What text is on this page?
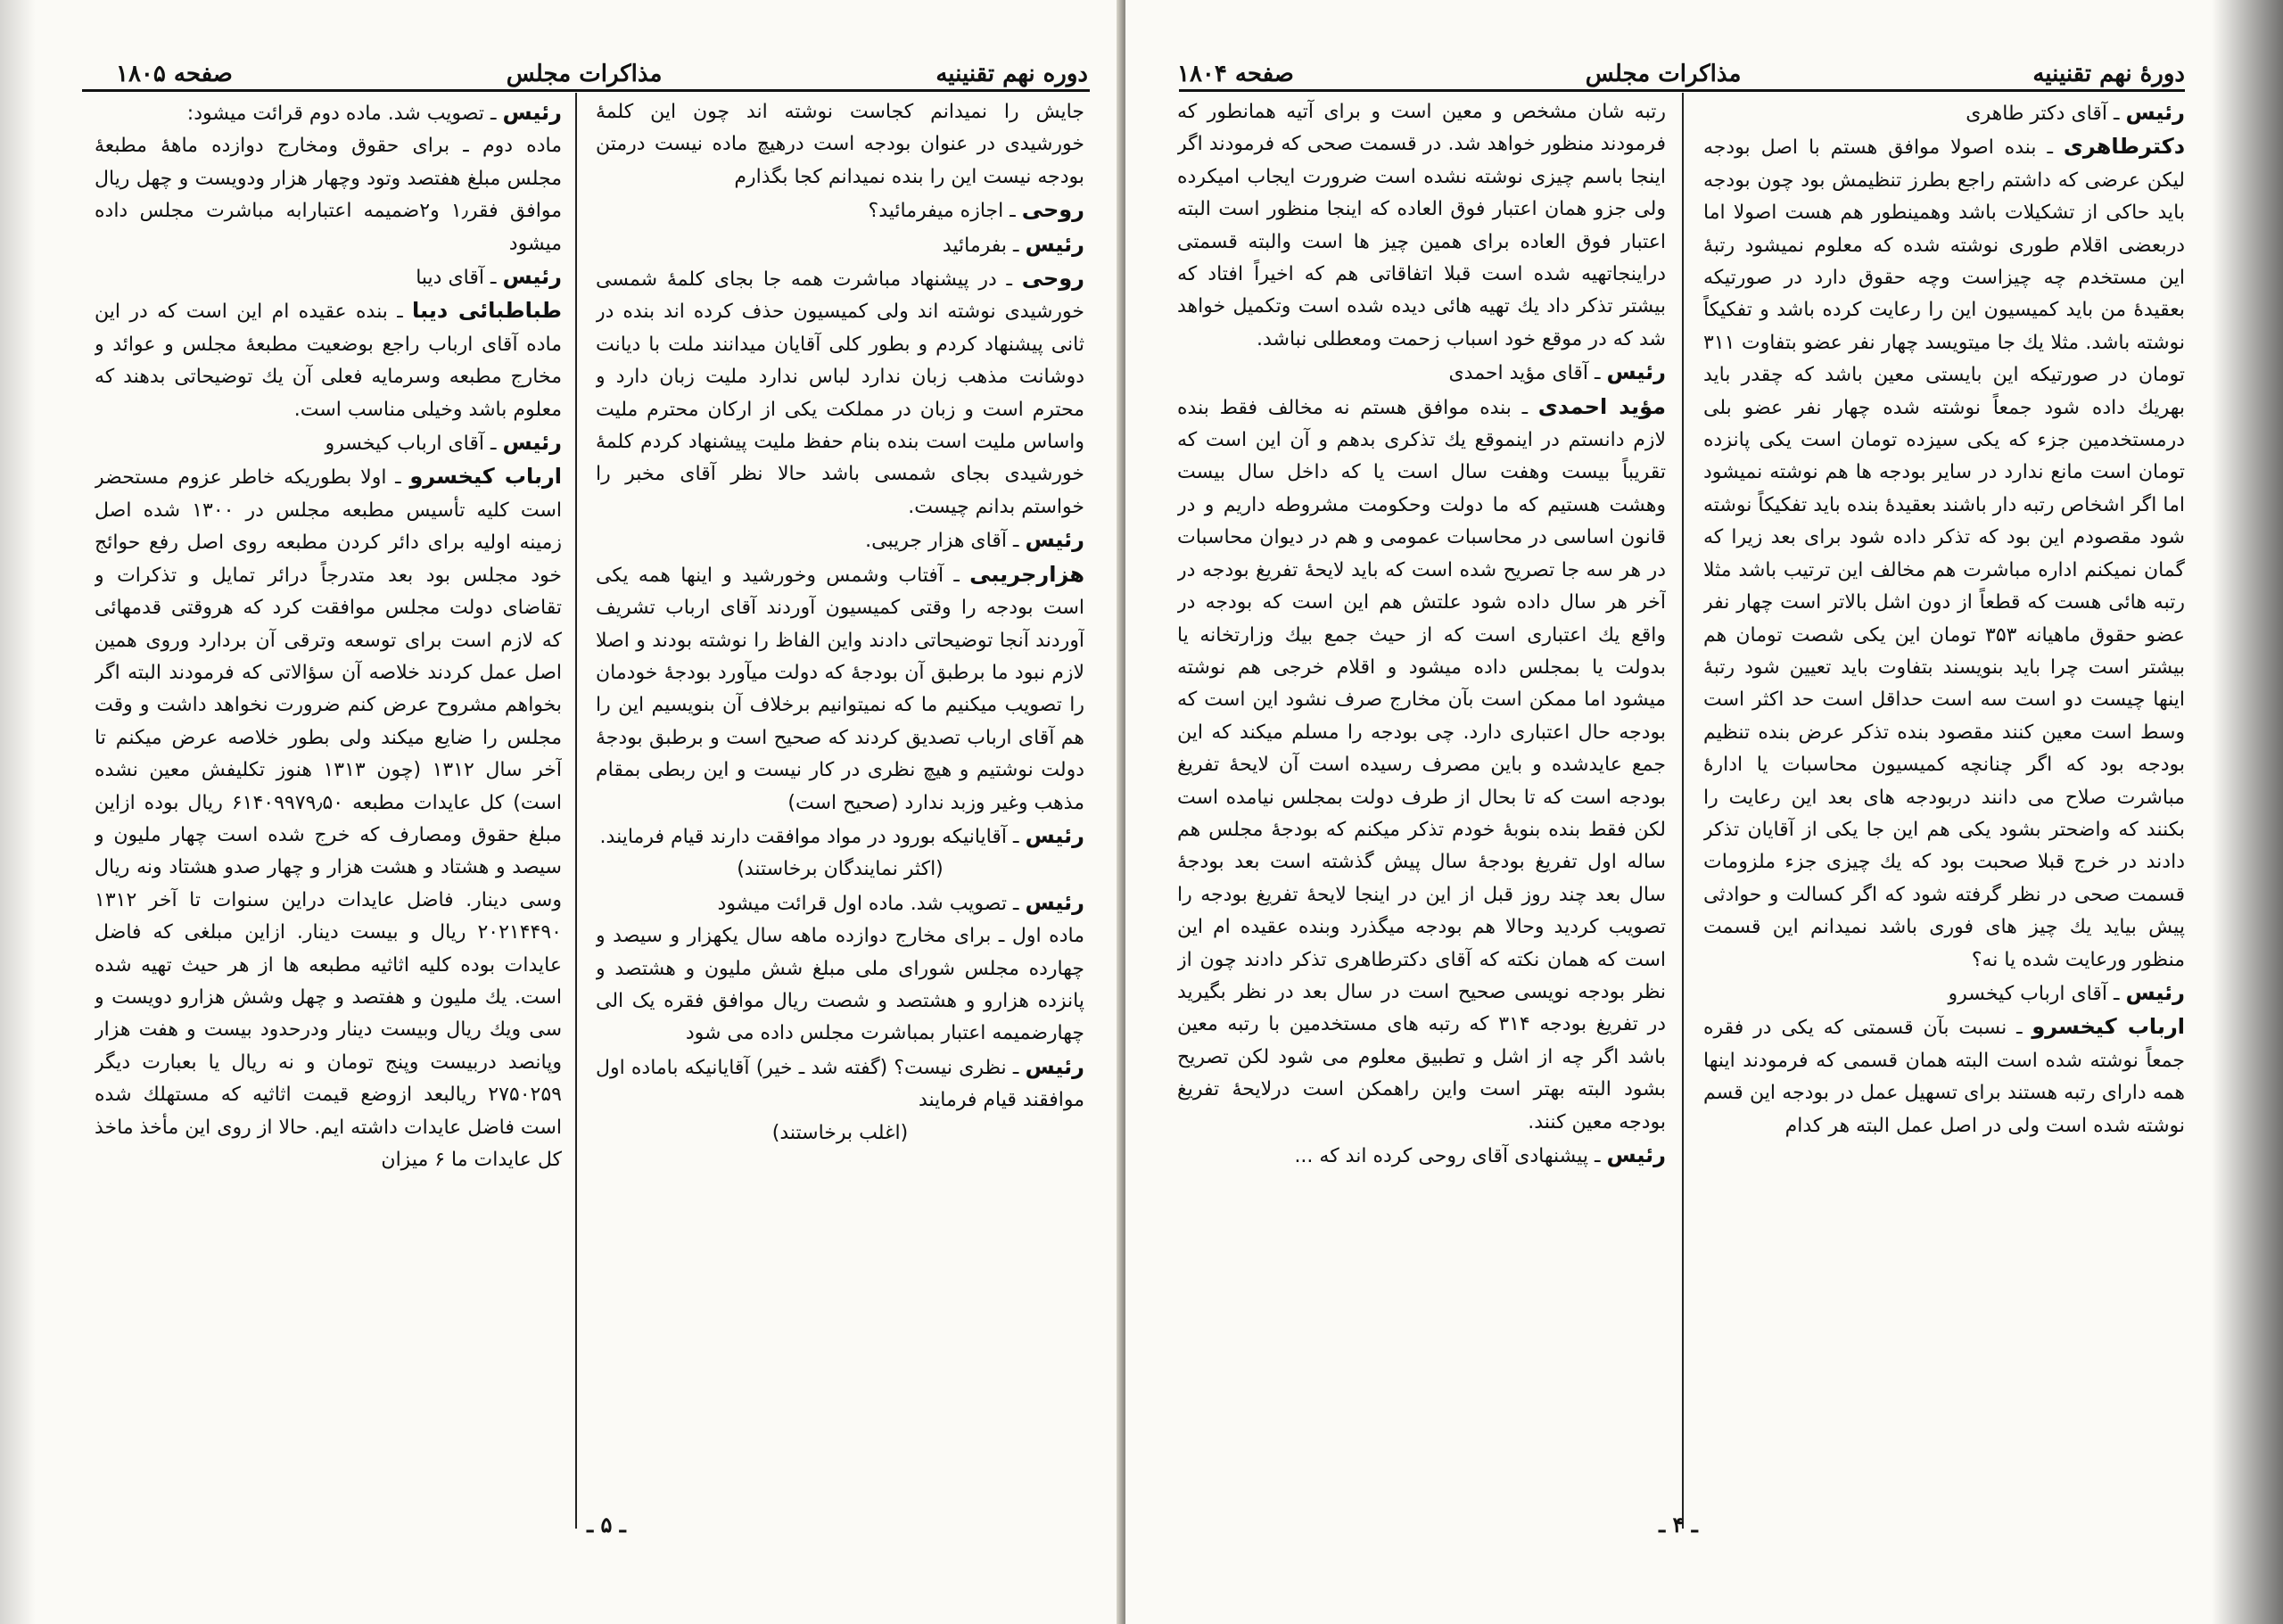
دوره نهم تقنینیه
مذاکرات مجلس
صفحه ۱۸۰۵

جایش را نمیدانم کجاست نوشته اند چون این کلمهٔ خورشیدی در عنوان بودجه است درهیچ ماده نیست درمتن بودجه نیست این را بنده نمیدانم کجا بگذارم

روحی ـ اجازه میفرمائید؟

رئیس ـ بفرمائید

روحی ـ در پیشنهاد مباشرت همه جا بجای کلمهٔ شمسی خورشیدی نوشته اند ولی کمیسیون حذف کرده اند بنده در ثانی پیشنهاد کردم و بطور کلی آقایان میدانند ملت با دیانت دوشانت مذهب زبان ندارد لباس ندارد ملیت زبان دارد و محترم است و زبان در مملکت یکی از ارکان محترم ملیت واساس ملیت است بنده بنام حفظ ملیت پیشنهاد کردم کلمهٔ خورشیدی بجای شمسی باشد حالا نظر آقای مخبر را خواستم بدانم چیست.

رئیس ـ آقای هزار جریبی.

هزارجریبی ـ آفتاب وشمس وخورشید و اینها همه یکی است بودجه را وقتی کمیسیون آوردند آقای ارباب تشریف آوردند آنجا توضیحاتی دادند واین الفاظ را نوشته بودند و اصلا لازم نبود ما برطبق آن بودجهٔ که دولت میآورد بودجهٔ خودمان را تصویب میکنیم ما که نمیتوانیم برخلاف آن بنویسیم این را هم آقای ارباب تصدیق کردند که صحیح است و برطبق بودجهٔ دولت نوشتیم و هیچ نظری در کار نیست و این ربطی بمقام مذهب وغیر وزبد ندارد (صحیح است)

رئیس ـ آقایانیکه بورود در مواد موافقت دارند قیام فرمایند.

(اکثر نمایندگان برخاستند)

رئیس ـ تصویب شد. ماده اول قرائت میشود

ماده اول ـ برای مخارج دوازده ماهه سال یکهزار و سیصد و چهارده مجلس شورای ملی مبلغ شش ملیون و هشتصد و پانزده هزارو و هشتصد و شصت ریال موافق فقره یک الی چهارضمیمه اعتبار بمباشرت مجلس داده می شود

رئیس ـ نظری نیست؟ (گفته شد ـ خیر) آقایانیکه باماده اول موافقند قیام فرمایند

(اغلب برخاستند)

رئیس ـ تصویب شد. ماده دوم قرائت میشود:

ماده دوم ـ برای حقوق ومخارج دوازده ماههٔ مطبعهٔ مجلس مبلغ هفتصد وتود وچهار هزار ودویست و چهل ریال موافق فقر۱٫ و۲ضمیمه اعتبارابه مباشرت مجلس داده میشود

رئیس ـ آقای دیبا

طباطبائی دیبا ـ بنده عقیده ام این است که در این ماده آقای ارباب راجع بوضعیت مطبعهٔ مجلس و عوائد و مخارج مطبعه وسرمایه فعلی آن یك توضیحاتی بدهند که معلوم باشد وخیلی مناسب است.

رئیس ـ آقای ارباب کیخسرو

ارباب کیخسرو ـ اولا بطوریکه خاطر عزوم مستحضر است کلیه تأسیس مطبعه مجلس در ۱۳۰۰ شده اصل زمینه اولیه برای دائر کردن مطبعه روی اصل رفع حوائج خود مجلس بود بعد متدرجاً درائر تمایل و تذکرات و تقاضای دولت مجلس موافقت کرد که هروقتی قدمهائی که لازم است برای توسعه وترقی آن بردارد وروی همین اصل عمل کردند خلاصه آن سؤالاتی که فرمودند البته اگر بخواهم مشروح عرض کنم ضرورت نخواهد داشت و وقت مجلس را ضایع میکند ولی بطور خلاصه عرض میکنم تا آخر سال ۱۳۱۲ (چون ۱۳۱۳ هنوز تکلیفش معین نشده است) کل عایدات مطبعه ۶۱۴۰۹۹۷۹٫۵۰ ریال بوده ازاین مبلغ حقوق ومصارف که خرج شده است چهار ملیون و سیصد و هشتاد و هشت هزار و چهار صدو هشتاد ونه ریال وسی دینار. فاضل عایدات دراین سنوات تا آخر ۱۳۱۲ ۲۰۲۱۴۴۹۰ ریال و بیست دینار. ازاین مبلغی که فاضل عایدات بوده کلیه اثاثیه مطبعه ها از هر حیث تهیه شده است. یك ملیون و هفتصد و چهل وشش هزارو دویست و سی ویك ریال وبیست دینار ودرحدود بیست و هفت هزار وپانصد دربیست وپنج تومان و نه ریال یا بعبارت دیگر ۲۷۵۰۲۵۹ ریالبعد ازوضع قیمت اثاثیه که مستهلك شده است فاضل عایدات داشته ایم. حالا از روی این مأخذ ماخذ کل عایدات ما ۶ میزان

ـ ۵ ـ
دورهٔ نهم تقنینیه
مذاکرات مجلس
صفحه ۱۸۰۴

رئیس ـ آقای دکتر طاهری

دکترطاهری ـ بنده اصولا موافق هستم با اصل بودجه لیکن عرضی که داشتم راجع بطرز تنظیمش بود چون بودجه باید حاکی از تشکیلات باشد وهمینطور هم هست اصولا اما دربعضی اقلام طوری نوشته شده که معلوم نمیشود رتبهٔ این مستخدم چه چیزاست وچه حقوق دارد در صورتیکه بعقیدهٔ من باید کمیسیون این را رعایت کرده باشد و تفکیکاً نوشته باشد. مثلا یك جا میتویسد چهار نفر عضو بتفاوت ۳۱۱ تومان در صورتیکه این بایستی معین باشد که چقدر باید بهریك داده شود جمعاً نوشته شده چهار نفر عضو بلی درمستخدمین جزء که یکی سیزده تومان است یکی پانزده تومان است مانع ندارد در سایر بودجه ها هم نوشته نمیشود اما اگر اشخاص رتبه دار باشند بعقیدهٔ بنده باید تفکیکاً نوشته شود مقصودم این بود که تذکر داده شود برای بعد زیرا که گمان نمیکنم اداره مباشرت هم مخالف این ترتیب باشد مثلا رتبه هائی هست که قطعاً از دون اشل بالاتر است چهار نفر عضو حقوق ماهیانه ۳۵۳ تومان این یکی شصت تومان هم بیشتر است چرا باید بنویسند بتفاوت باید تعیین شود رتبهٔ اینها چیست دو است سه است حداقل است حد اکثر است وسط است معین کنند مقصود بنده تذکر عرض بنده تنظیم بودجه بود که اگر چنانچه کمیسیون محاسبات یا ادارهٔ مباشرت صلاح می دانند دربودجه های بعد این رعایت را بکنند که واضحتر بشود یکی هم این جا یکی از آقایان تذکر دادند در خرج قبلا صحبت بود که یك چیزی جزء ملزومات قسمت صحی در نظر گرفته شود که اگر کسالت و حوادثی پیش بیاید یك چیز های فوری باشد نمیدانم این قسمت منظور ورعایت شده یا نه؟

رئیس ـ آقای ارباب کیخسرو

ارباب کیخسرو ـ نسبت بآن قسمتی که یکی در فقره جمعاً نوشته شده است البته همان قسمی که فرمودند اینها همه دارای رتبه هستند برای تسهیل عمل در بودجه این قسم نوشته شده است ولی در اصل عمل البته هر کدام

رتبه شان مشخص و معین است و برای آتیه همانطور که فرمودند منظور خواهد شد. در قسمت صحی که فرمودند اگر اینجا باسم چیزی نوشته نشده است ضرورت ایجاب امیکرده ولی جزو همان اعتبار فوق العاده که اینجا منظور است البته اعتبار فوق العاده برای همین چیز ها است والبته قسمتی دراینجاتهیه شده است قبلا اتفاقاتی هم که اخیراً افتاد که بیشتر تذکر داد یك تهیه هائی دیده شده است وتکمیل خواهد شد که در موقع خود اسباب زحمت ومعطلی نباشد.

رئیس ـ آقای مؤید احمدی

مؤید احمدی ـ بنده موافق هستم نه مخالف فقط بنده لازم دانستم در اینموقع یك تذکری بدهم و آن این است که تقریباً بیست وهفت سال است یا که داخل سال بیست وهشت هستیم که ما دولت وحکومت مشروطه داریم و در قانون اساسی در محاسبات عمومی و هم در دیوان محاسبات در هر سه جا تصریح شده است که باید لایحهٔ تفریغ بودجه در آخر هر سال داده شود علتش هم این است که بودجه در واقع یك اعتباری است که از حیث جمع بیك وزارتخانه یا بدولت یا بمجلس داده میشود و اقلام خرجی هم نوشته میشود اما ممکن است بآن مخارج صرف نشود این است که بودجه حال اعتباری دارد. چی بودجه را مسلم میکند که این جمع عایدشده و باین مصرف رسیده است آن لایحهٔ تفریغ بودجه است که تا بحال از طرف دولت بمجلس نیامده است لکن فقط بنده بنوبهٔ خودم تذکر میکنم که بودجهٔ مجلس هم ساله اول تفریغ بودجهٔ سال پیش گذشته است بعد بودجهٔ سال بعد چند روز قبل از این در اینجا لایحهٔ تفریغ بودجه را تصویب کردید وحالا هم بودجه میگذرد وبنده عقیده ام این است که همان نکته که آقای دکترطاهری تذکر دادند چون از نظر بودجه نویسی صحیح است در سال بعد در نظر بگیرید در تفریغ بودجه ۳۱۴ که رتبه های مستخدمین با رتبه معین باشد اگر چه از اشل و تطبیق معلوم می شود لکن تصریح بشود البته بهتر است واین راهمکن است درلایحهٔ تفریغ بودجه معین کنند.

رئیس ـ پیشنهادی آقای روحی کرده اند که ...

ـ ۴ ـ
